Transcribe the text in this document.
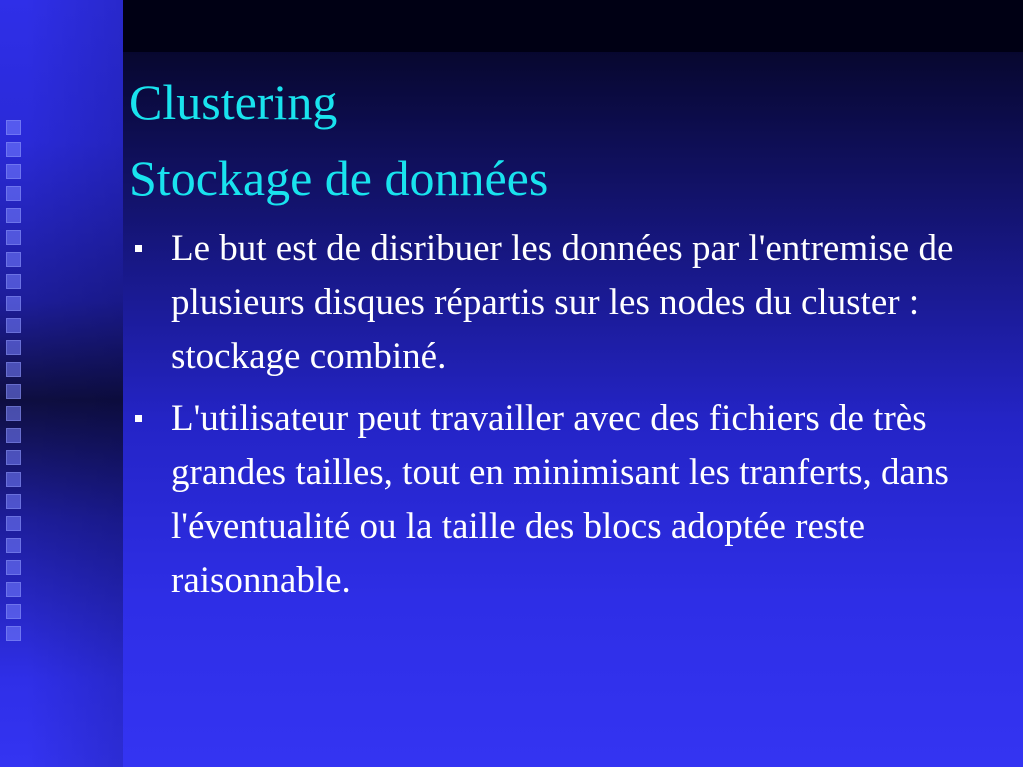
Clustering
Stockage de données
Le but est de disribuer les données par l'entremise de plusieurs disques répartis sur les nodes du cluster : stockage combiné.
L'utilisateur peut travailler avec des fichiers de très grandes tailles, tout en minimisant les tranferts, dans l'éventualité ou la taille des blocs adoptée reste raisonnable.
